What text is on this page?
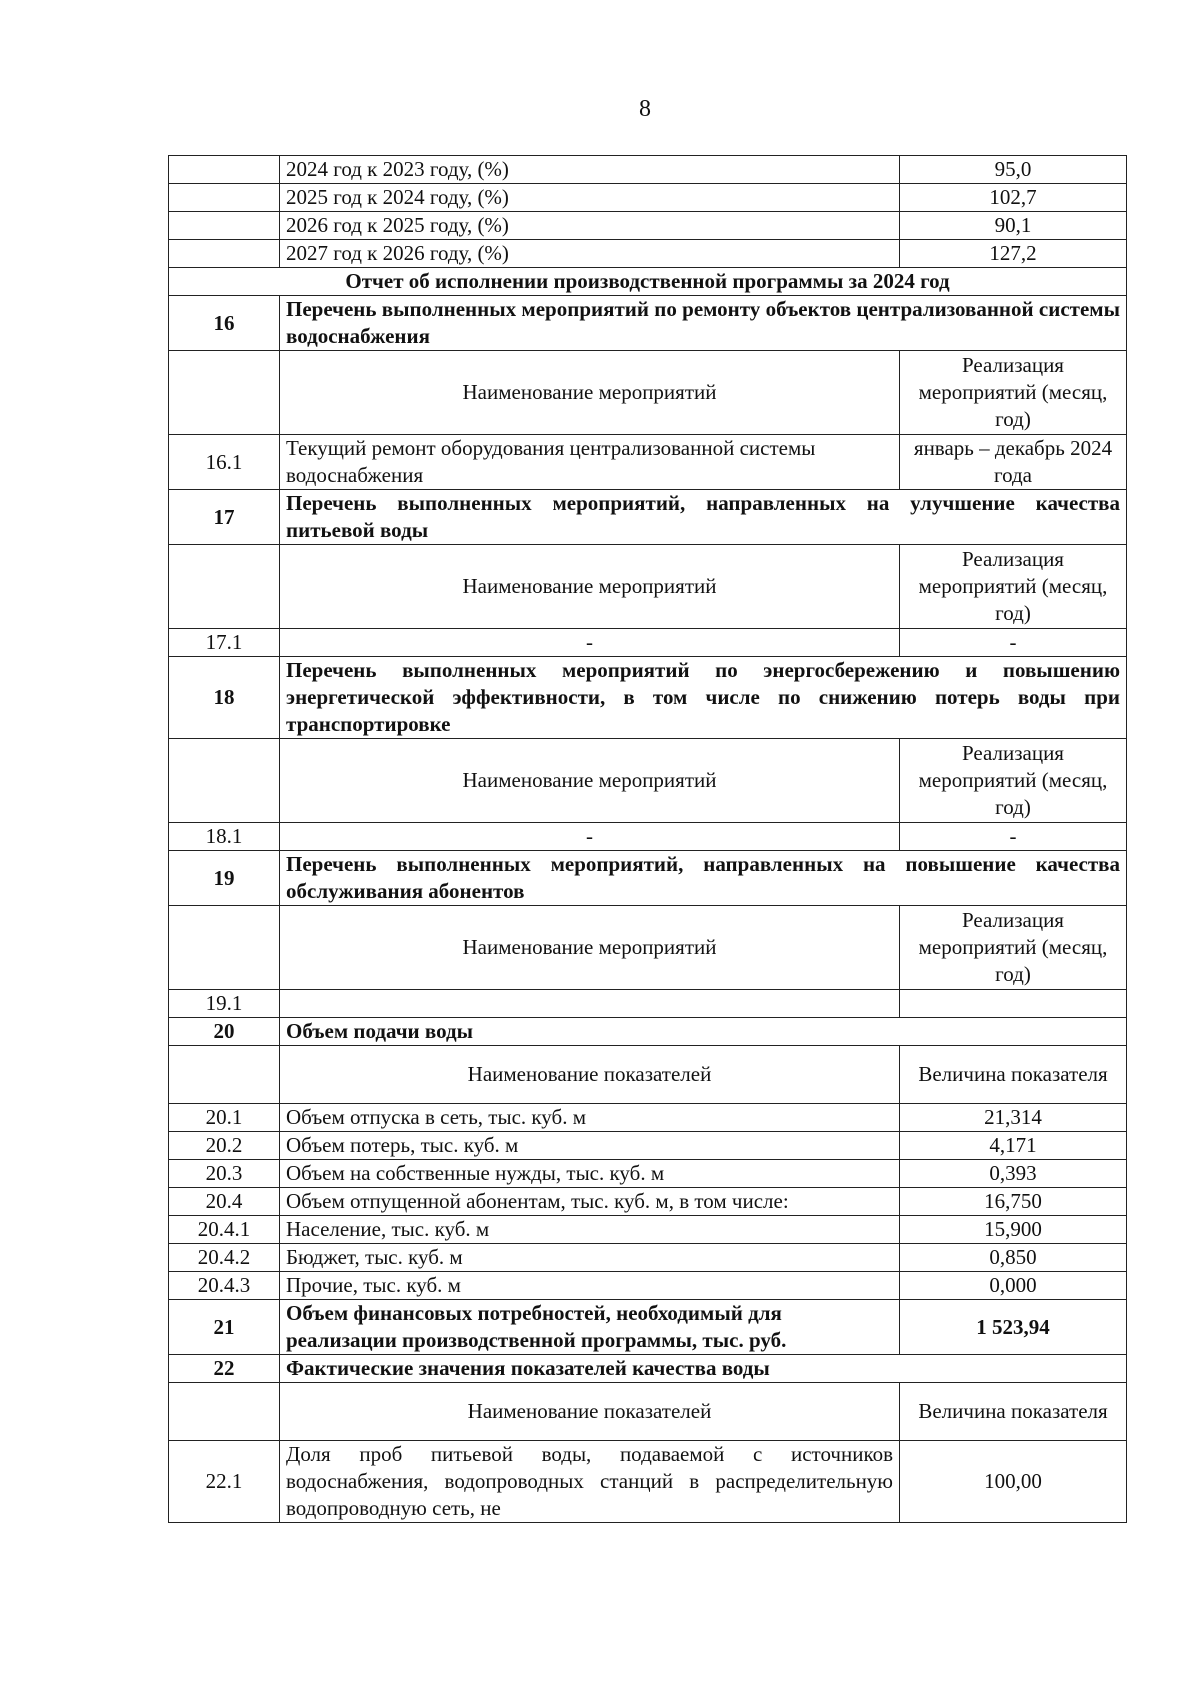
8
	2024 год к 2023 году, (%)	95,0
	2025 год к 2024 году, (%)	102,7
	2026 год к 2025 году, (%)	90,1
	2027 год к 2026 году, (%)	127,2
Отчет об исполнении производственной программы за 2024 год		
16	Перечень выполненных мероприятий по ремонту объектов централизованной системы водоснабжения	
	Наименование мероприятий	Реализация мероприятий (месяц, год)
16.1	Текущий ремонт оборудования централизованной системы водоснабжения	январь – декабрь 2024 года
17	Перечень выполненных мероприятий, направленных на улучшение качества питьевой воды	
	Наименование мероприятий	Реализация мероприятий (месяц, год)
17.1	-	-
18	Перечень выполненных мероприятий по энергосбережению и повышению энергетической эффективности, в том числе по снижению потерь воды при транспортировке	
	Наименование мероприятий	Реализация мероприятий (месяц, год)
18.1	-	-
19	Перечень выполненных мероприятий, направленных на повышение качества обслуживания абонентов	
	Наименование мероприятий	Реализация мероприятий (месяц, год)
19.1		
20	Объем подачи воды	
	Наименование показателей	Величина показателя
20.1	Объем отпуска в сеть, тыс. куб. м	21,314
20.2	Объем потерь, тыс. куб. м	4,171
20.3	Объем на собственные нужды, тыс. куб. м	0,393
20.4	Объем отпущенной абонентам, тыс. куб. м, в том числе:	16,750
20.4.1	Население, тыс. куб. м	15,900
20.4.2	Бюджет, тыс. куб. м	0,850
20.4.3	Прочие, тыс. куб. м	0,000
21	Объем финансовых потребностей, необходимый для реализации производственной программы, тыс. руб.	1 523,94
22	Фактические значения показателей качества воды	
	Наименование показателей	Величина показателя
22.1	Доля проб питьевой воды, подаваемой с источников водоснабжения, водопроводных станций в распределительную водопроводную сеть, не	100,00
